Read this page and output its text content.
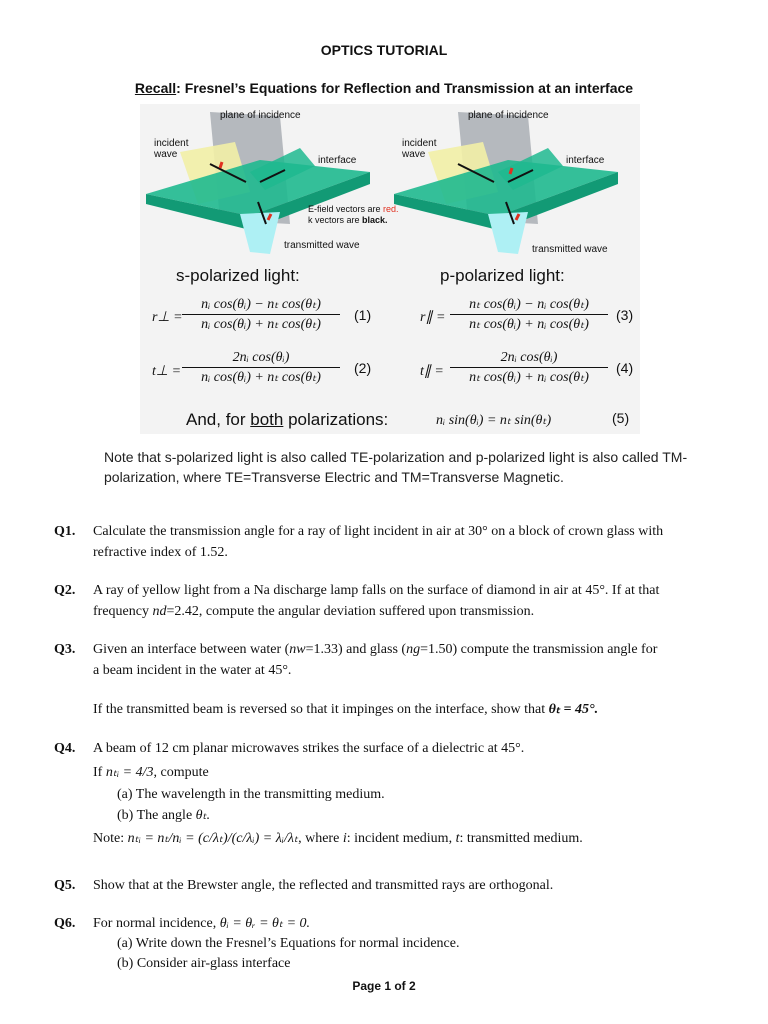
OPTICS TUTORIAL
Recall: Fresnel’s Equations for Reflection and Transmission at an interface
plane of incidence
incident wave
interface
E-field vectors are red.
k vectors are black.
transmitted wave
plane of incidence
incident wave
interface
transmitted wave
s-polarized light:	p-polarized light:
r⊥ =
nᵢ cos(θᵢ) − nₜ cos(θₜ)
nᵢ cos(θᵢ) + nₜ cos(θₜ)
(1)
t⊥ =
2nᵢ cos(θᵢ)
nᵢ cos(θᵢ) + nₜ cos(θₜ)
(2)
r∥ =
nₜ cos(θᵢ) − nᵢ cos(θₜ)
nₜ cos(θᵢ) + nᵢ cos(θₜ)
(3)
t∥ =
2nᵢ cos(θᵢ)
nₜ cos(θᵢ) + nᵢ cos(θₜ)
(4)
And, for both polarizations:	nᵢ sin(θᵢ) = nₜ sin(θₜ)	(5)
Note that s-polarized light is also called TE-polarization and p-polarized light is also called TM-polarization, where TE=Transverse Electric and TM=Transverse Magnetic.
Q1. Calculate the transmission angle for a ray of light incident in air at 30° on a block of crown glass with
refractive index of 1.52.
Q2. A ray of yellow light from a Na discharge lamp falls on the surface of diamond in air at 45°. If at that
frequency nd=2.42, compute the angular deviation suffered upon transmission.
Q3. Given an interface between water (nw=1.33) and glass (ng=1.50) compute the transmission angle for
a beam incident in the water at 45°.
If the transmitted beam is reversed so that it impinges on the interface, show that θₜ = 45°.
Q4. A beam of 12 cm planar microwaves strikes the surface of a dielectric at 45°.
If nₜᵢ = 4/3, compute
(a) The wavelength in the transmitting medium.
(b) The angle θₜ.
Note: nₜᵢ = nₜ/nᵢ = (c/λₜ)/(c/λᵢ) = λᵢ/λₜ, where i: incident medium, t: transmitted medium.
Q5. Show that at the Brewster angle, the reflected and transmitted rays are orthogonal.
Q6. For normal incidence, θᵢ = θᵣ = θₜ = 0.
(a) Write down the Fresnel’s Equations for normal incidence.
(b) Consider air-glass interface
Page 1 of 2
